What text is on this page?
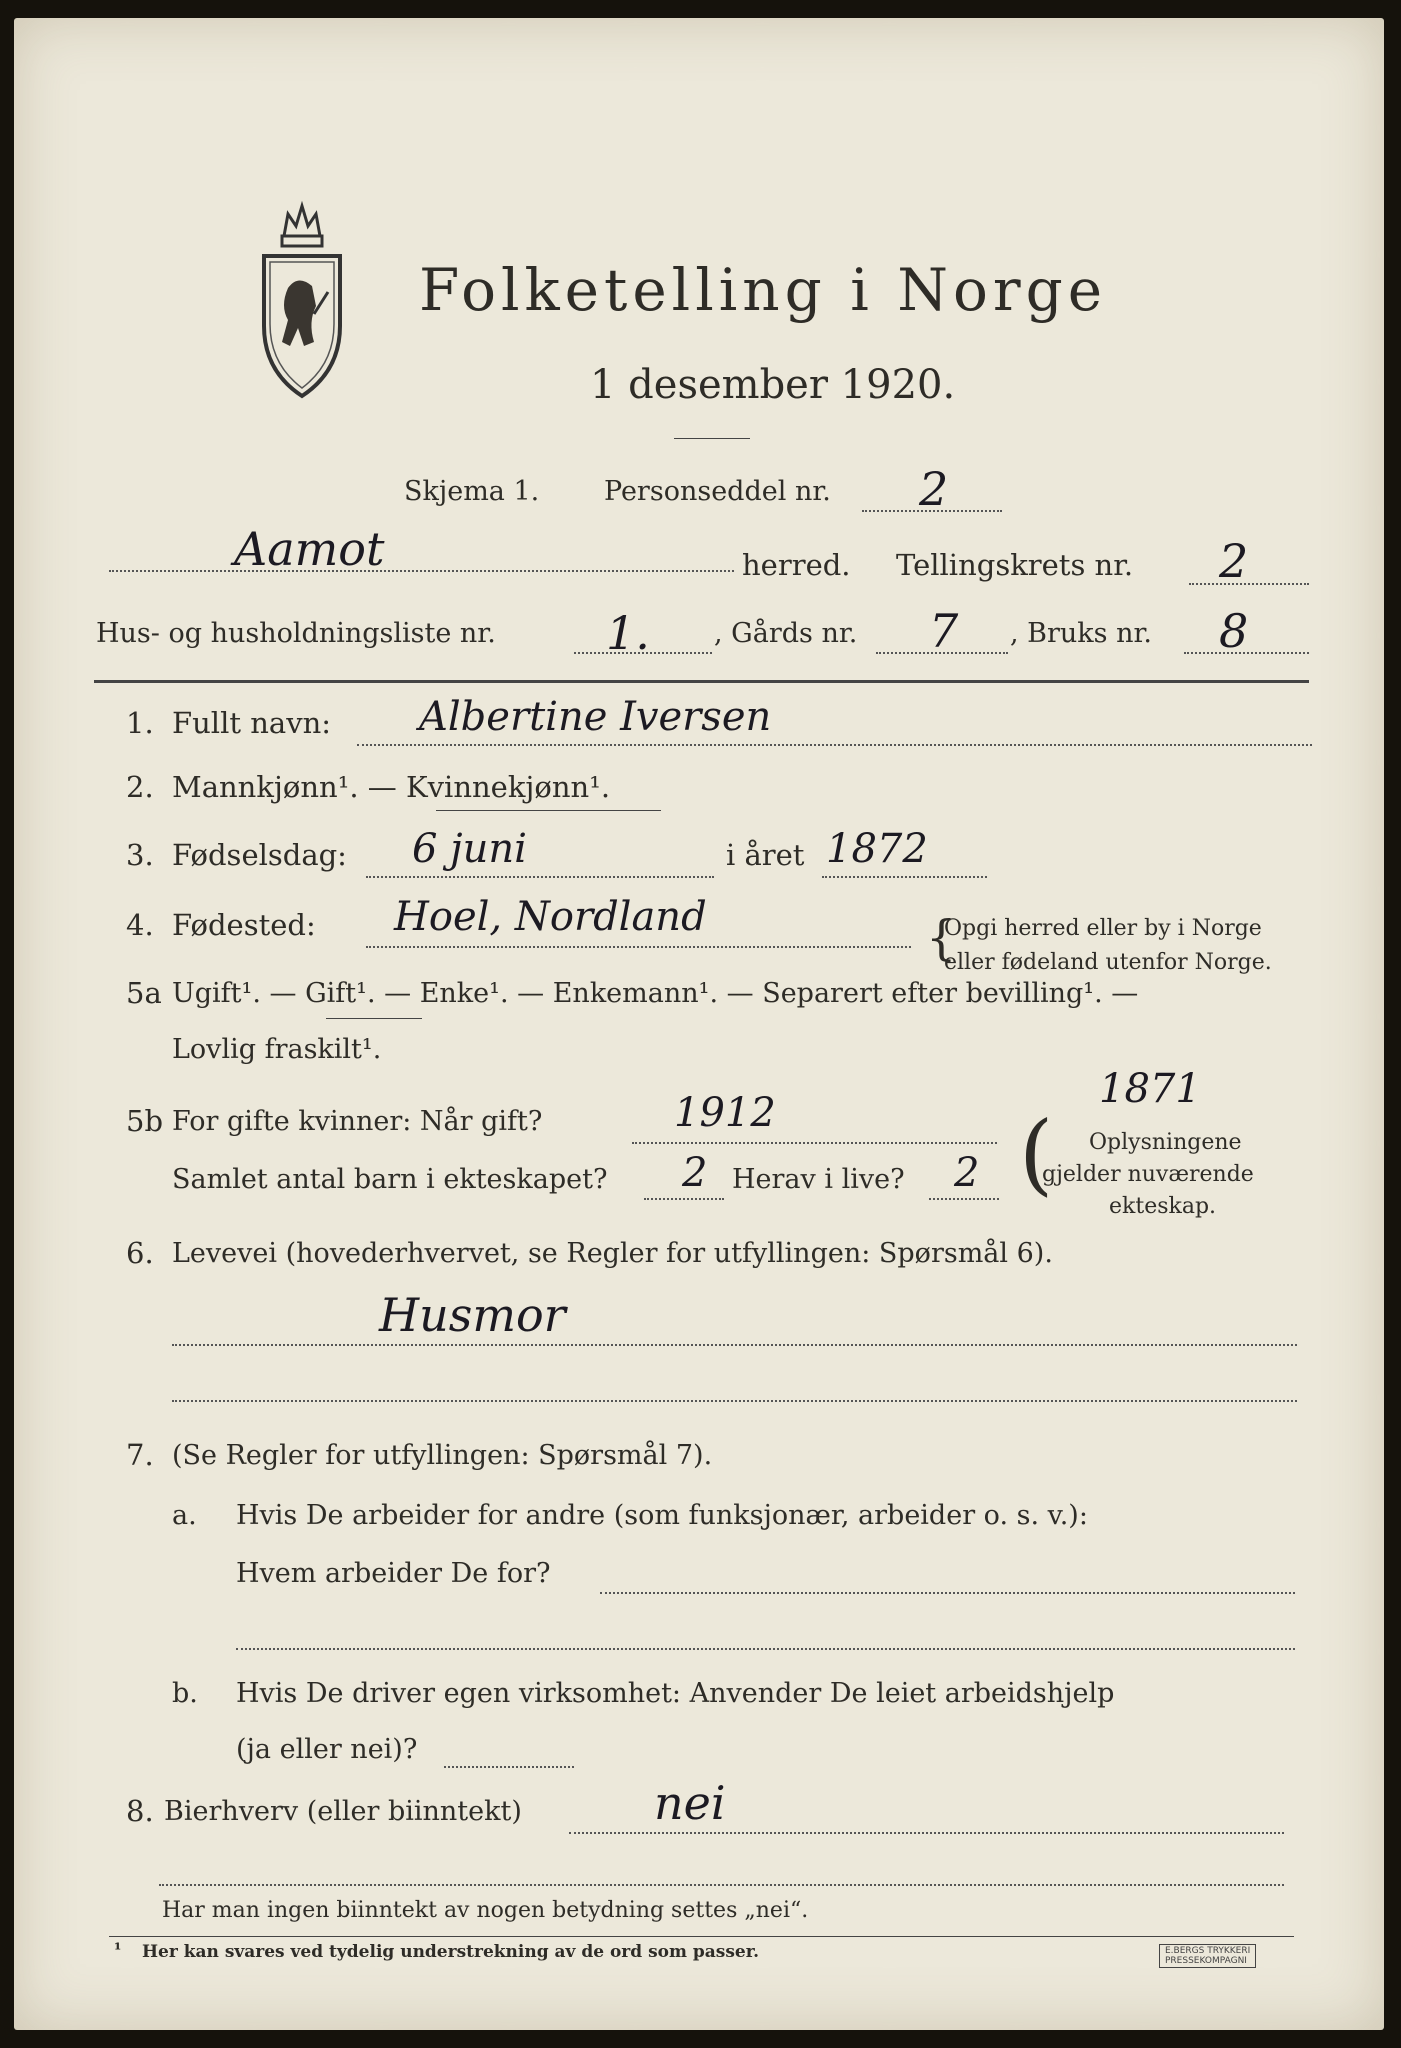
Folketelling i Norge
1 desember 1920.
Skjema 1. Personseddel nr. 2
Aamot	herred. Tellingskrets nr. 2
Hus- og husholdningsliste nr. 1. , Gårds nr. 7 , Bruks nr. 8
1. Fullt navn: Albertine Iversen
2. Mannkjønn¹. — Kvinnekjønn¹.
3. Fødselsdag: 6 juni	i året 1872
4. Fødested: Hoel, Nordland	{
Opgi herred eller by i Norge
eller fødeland utenfor Norge.
5a Ugift¹. — Gift¹. — Enke¹. — Enkemann¹. — Separert efter bevilling¹. —
Lovlig fraskilt¹.
5b For gifte kvinner: Når gift?	1912
1871
Samlet antal barn i ekteskapet? 2 Herav i live? 2 ( Oplysningene
gjelder nuværende
ekteskap.
6. Levevei (hovederhvervet, se Regler for utfyllingen: Spørsmål 6).
Husmor
7. (Se Regler for utfyllingen: Spørsmål 7).
a. Hvis De arbeider for andre (som funksjonær, arbeider o. s. v.):
Hvem arbeider De for?
b. Hvis De driver egen virksomhet: Anvender De leiet arbeidshjelp
(ja eller nei)?
8. Bierhverv (eller biinntekt)	nei
Har man ingen biinntekt av nogen betydning settes „nei“.
¹ Her kan svares ved tydelig understrekning av de ord som passer.	E.BERGS TRYKKERI
PRESSEKOMPAGNI
